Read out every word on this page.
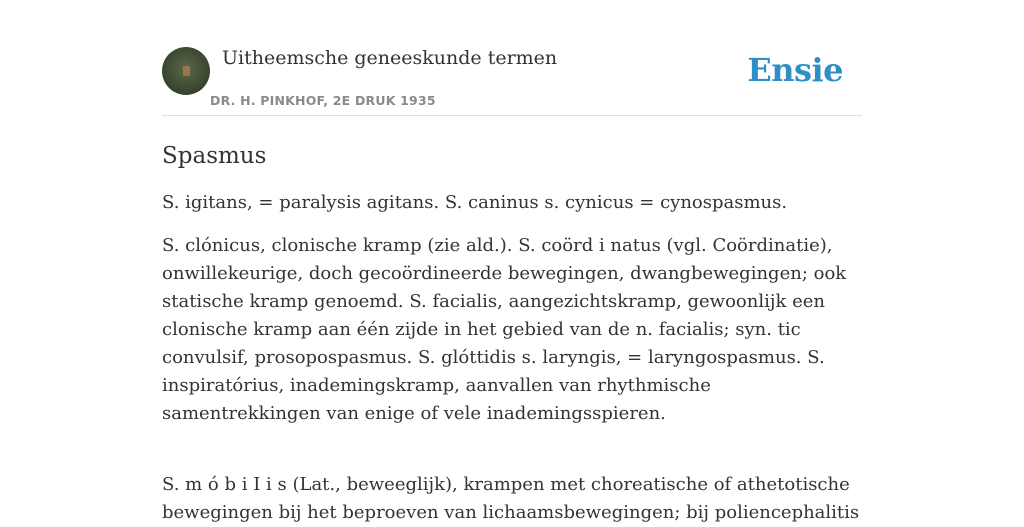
Uitheemsche geneeskunde termen
DR. H. PINKHOF, 2E DRUK 1935
Ensie
Spasmus

S. igitans, = paralysis agitans. S. caninus s. cynicus = cynospasmus.

S. clónicus, clonische kramp (zie ald.). S. coörd i natus (vgl. Coördinatie), onwillekeurige, doch gecoördineerde bewegingen, dwangbewegingen; ook statische kramp genoemd. S. facialis, aangezichtskramp, gewoonlijk een clonische kramp aan één zijde in het gebied van de n. facialis; syn. tic convulsif, prosopospasmus. S. glóttidis s. laryngis, = laryngospasmus. S. inspiratórius, inademingskramp, aanvallen van rhythmische samentrekkingen van enige of vele inademingsspieren.

S. m ó b i I i s (Lat., beweeglijk), krampen met choreatische of athetotische bewegingen bij het beproeven van lichaamsbewegingen; bij poliencephalitis
